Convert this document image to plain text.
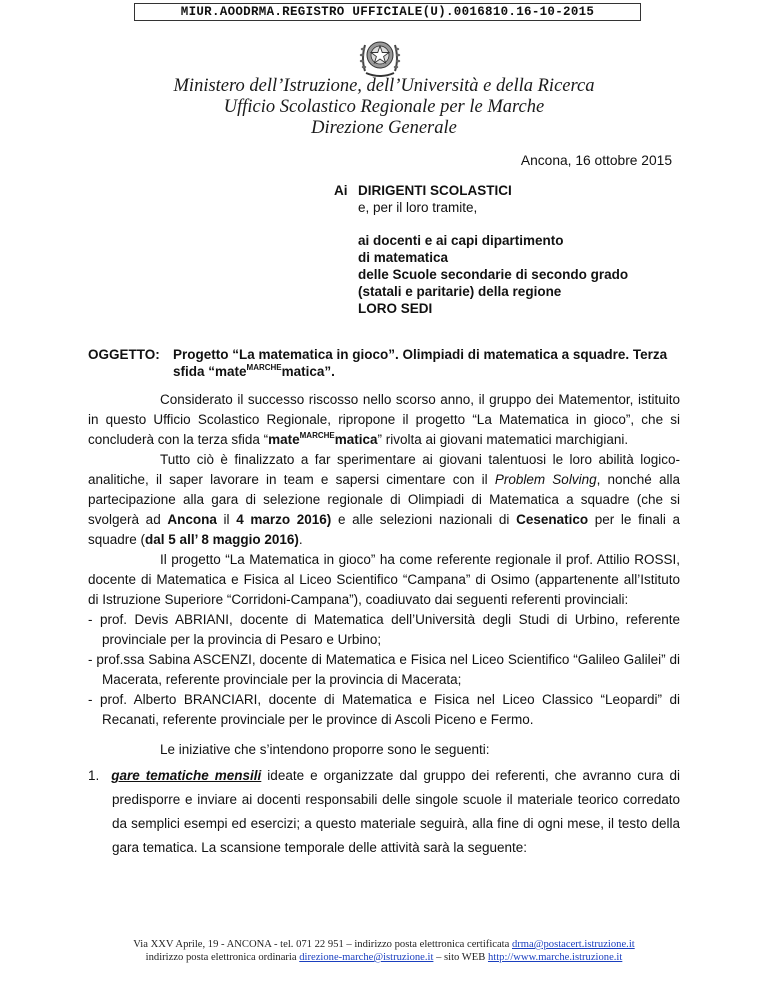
MIUR.AOODRMA.REGISTRO UFFICIALE(U).0016810.16-10-2015
Ministero dell’Istruzione, dell’Università e della Ricerca
Ufficio Scolastico Regionale per le Marche
Direzione Generale
Ancona, 16 ottobre 2015
Ai DIRIGENTI SCOLASTICI
e, per il loro tramite,
ai docenti e ai capi dipartimento
di matematica
delle Scuole secondarie di secondo grado
(statali e paritarie) della regione
LORO SEDI
OGGETTO: Progetto “La matematica in gioco”. Olimpiadi di matematica a squadre. Terza sfida “mate$^{MARCHE}$matica”.

Considerato il successo riscosso nello scorso anno, il gruppo dei Matementor, istituito in questo Ufficio Scolastico Regionale, ripropone il progetto “La Matematica in gioco”, che si concluderà con la terza sfida “mate$^{MARCHE}$matica” rivolta ai giovani matematici marchigiani.

Tutto ciò è finalizzato a far sperimentare ai giovani talentuosi le loro abilità logico-analitiche, il saper lavorare in team e sapersi cimentare con il Problem Solving, nonché alla partecipazione alla gara di selezione regionale di Olimpiadi di Matematica a squadre (che si svolgerà ad Ancona il 4 marzo 2016) e alle selezioni nazionali di Cesenatico per le finali a squadre (dal 5 all’ 8 maggio 2016).

Il progetto “La Matematica in gioco” ha come referente regionale il prof. Attilio ROSSI, docente di Matematica e Fisica al Liceo Scientifico “Campana” di Osimo (appartenente all’Istituto di Istruzione Superiore “Corridoni-Campana”), coadiuvato dai seguenti referenti provinciali:

- prof. Devis ABRIANI, docente di Matematica dell’Università degli Studi di Urbino, referente provinciale per la provincia di Pesaro e Urbino;

- prof.ssa Sabina ASCENZI, docente di Matematica e Fisica nel Liceo Scientifico “Galileo Galilei” di Macerata, referente provinciale per la provincia di Macerata;

- prof. Alberto BRANCIARI, docente di Matematica e Fisica nel Liceo Classico “Leopardi” di Recanati, referente provinciale per le province di Ascoli Piceno e Fermo.

Le iniziative che s’intendono proporre sono le seguenti:

1. gare tematiche mensili ideate e organizzate dal gruppo dei referenti, che avranno cura di predisporre e inviare ai docenti responsabili delle singole scuole il materiale teorico corredato da semplici esempi ed esercizi; a questo materiale seguirà, alla fine di ogni mese, il testo della gara tematica. La scansione temporale delle attività sarà la seguente:

Via XXV Aprile, 19 - ANCONA - tel. 071 22 951 – indirizzo posta elettronica certificata drma@postacert.istruzione.it
indirizzo posta elettronica ordinaria direzione-marche@istruzione.it – sito WEB http://www.marche.istruzione.it
